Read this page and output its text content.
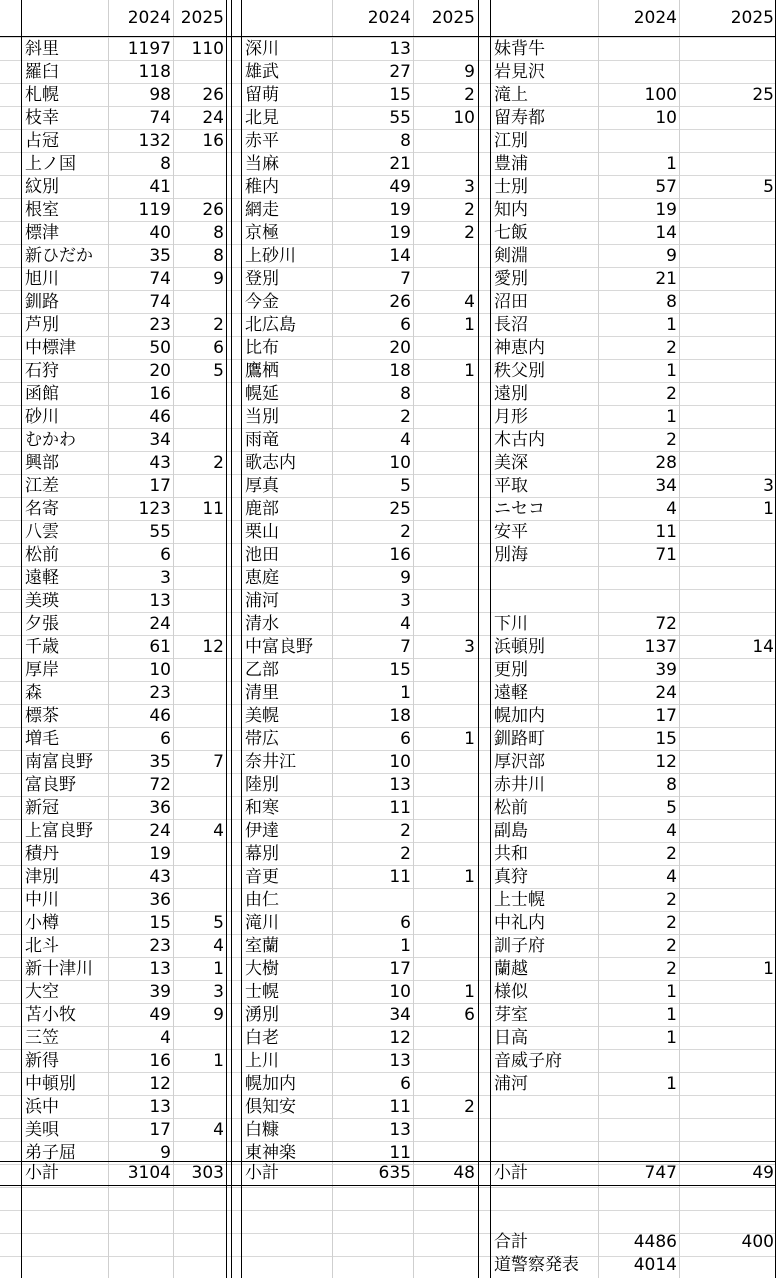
2024 2025	2024	2025	2024	2025
斜里	1197	110
羅臼	118
札幌	98	26
枝幸	74	24
占冠	132	16
上ノ国	8
紋別	41
根室	119	26
標津	40	8
新ひだか	35	8
旭川	74	9
釧路	74
芦別	23	2
中標津	50	6
石狩	20	5
函館	16
砂川	46
むかわ	34
興部	43	2
江差	17
名寄	123	11
八雲	55
松前	6
遠軽	3
美瑛	13
夕張	24
千歳	61	12
厚岸	10
森	23
標茶	46
増毛	6
南富良野	35	7
富良野	72
新冠	36
上富良野	24	4
積丹	19
津別	43
中川	36
小樽	15	5
北斗	23	4
新十津川	13	1
大空	39	3
苫小牧	49	9
三笠	4
新得	16	1
中頓別	12
浜中	13
美唄	17	4
弟子屈	9
深川	13
雄武	27	9
留萌	15	2
北見	55	10
赤平	8
当麻	21
稚内	49	3
網走	19	2
京極	19	2
上砂川	14
登別	7
今金	26	4
北広島	6	1
比布	20
鷹栖	18	1
幌延	8
当別	2
雨竜	4
歌志内	10
厚真	5
鹿部	25
栗山	2
池田	16
恵庭	9
浦河	3
清水	4
中富良野	7	3
乙部	15
清里	1
美幌	18
帯広	6	1
奈井江	10
陸別	13
和寒	11
伊達	2
幕別	2
音更	11	1
由仁
滝川	6
室蘭	1
大樹	17
士幌	10	1
湧別	34	6
白老	12
上川	13
幌加内	6
倶知安	11	2
白糠	13
東神楽	11
妹背牛
岩見沢
滝上	100	25
留寿都	10
江別
豊浦	1
士別	57	5
知内	19
七飯	14
剣淵	9
愛別	21
沼田	8
長沼	1
神恵内	2
秩父別	1
遠別	2
月形	1
木古内	2
美深	28
平取	34	3
ニセコ	4	1
安平	11
別海	71
下川	72
浜頓別	137	14
更別	39
遠軽	24
幌加内	17
釧路町	15
厚沢部	12
赤井川	8
松前	5
副島	4
共和	2
真狩	4
上士幌	2
中礼内	2
訓子府	2
蘭越	2	1
様似	1
芽室	1
日高	1
音威子府
浦河	1
小計	3104	303 小計	635	48 小計	747	49
合計	4486	400
道警察発表	4014
